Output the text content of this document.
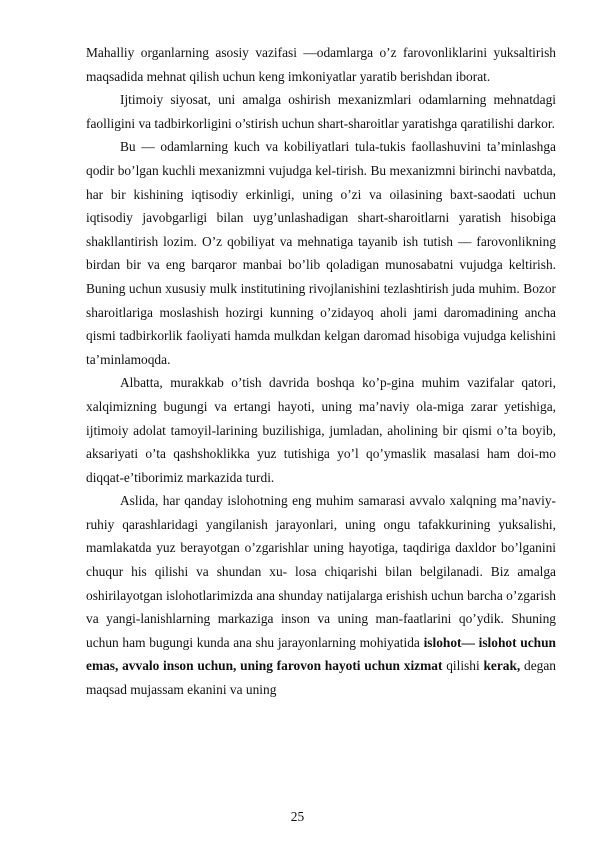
Mahalliy organlarning asosiy vazifasi —odamlarga o’z farovonliklarini yuksaltirish maqsadida mehnat qilish uchun keng imkoniyatlar yaratib berishdan iborat.

Ijtimoiy siyosat, uni amalga oshirish mexanizmlari odamlarning mehnatdagi faolligini va tadbirkorligini o’stirish uchun shart-sharoitlar yaratishga qaratilishi darkor.

Bu — odamlarning kuch va kobiliyatlari tula-tukis faollashuvini ta’minlashga qodir bo’lgan kuchli mexanizmni vujudga kel-tirish. Bu mexanizmni birinchi navbatda, har bir kishining iqtisodiy erkinligi, uning o’zi va oilasining baxt-saodati uchun iqtisodiy javobgarligi bilan uyg’unlashadigan shart-sharoitlarni yaratish hisobiga shakllantirish lozim. O’z qobiliyat va mehnatiga tayanib ish tutish — farovonlikning birdan bir va eng barqaror manbai bo’lib qoladigan munosabatni vujudga keltirish. Buning uchun xususiy mulk institutining rivojlanishini tezlashtirish juda muhim. Bozor sharoitlariga moslashish hozirgi kunning o’zidayoq aholi jami daromadining ancha qismi tadbirkorlik faoliyati hamda mulkdan kelgan daromad hisobiga vujudga kelishini ta’minlamoqda.

Albatta, murakkab o’tish davrida boshqa ko’p-gina muhim vazifalar qatori, xalqimizning bugungi va ertangi hayoti, uning ma’naviy ola-miga zarar yetishiga, ijtimoiy adolat tamoyil-larining buzilishiga, jumladan, aholining bir qismi o’ta boyib, aksariyati o’ta qashshoklikka yuz tutishiga yo’l qo’ymaslik masalasi ham doi-mo diqqat-e’tiborimiz markazida turdi.

Aslida, har qanday islohotning eng muhim samarasi avvalo xalqning ma’naviy-ruhiy qarashlaridagi yangilanish jarayonlari, uning ongu tafakkurining yuksalishi, mamlakatda yuz berayotgan o’zgarishlar uning hayotiga, taqdiriga daxldor bo’lganini chuqur his qilishi va shundan xu- losa chiqarishi bilan belgilanadi. Biz amalga oshirilayotgan islohotlarimizda ana shunday natijalarga erishish uchun barcha o’zgarish va yangi-lanishlarning markaziga inson va uning man-faatlarini qo’ydik. Shuning uchun ham bugungi kunda ana shu jarayonlarning mohiyatida islohot— islohot uchun emas, avvalo inson uchun, uning farovon hayoti uchun xizmat qilishi kerak, degan maqsad mujassam ekanini va uning

25
